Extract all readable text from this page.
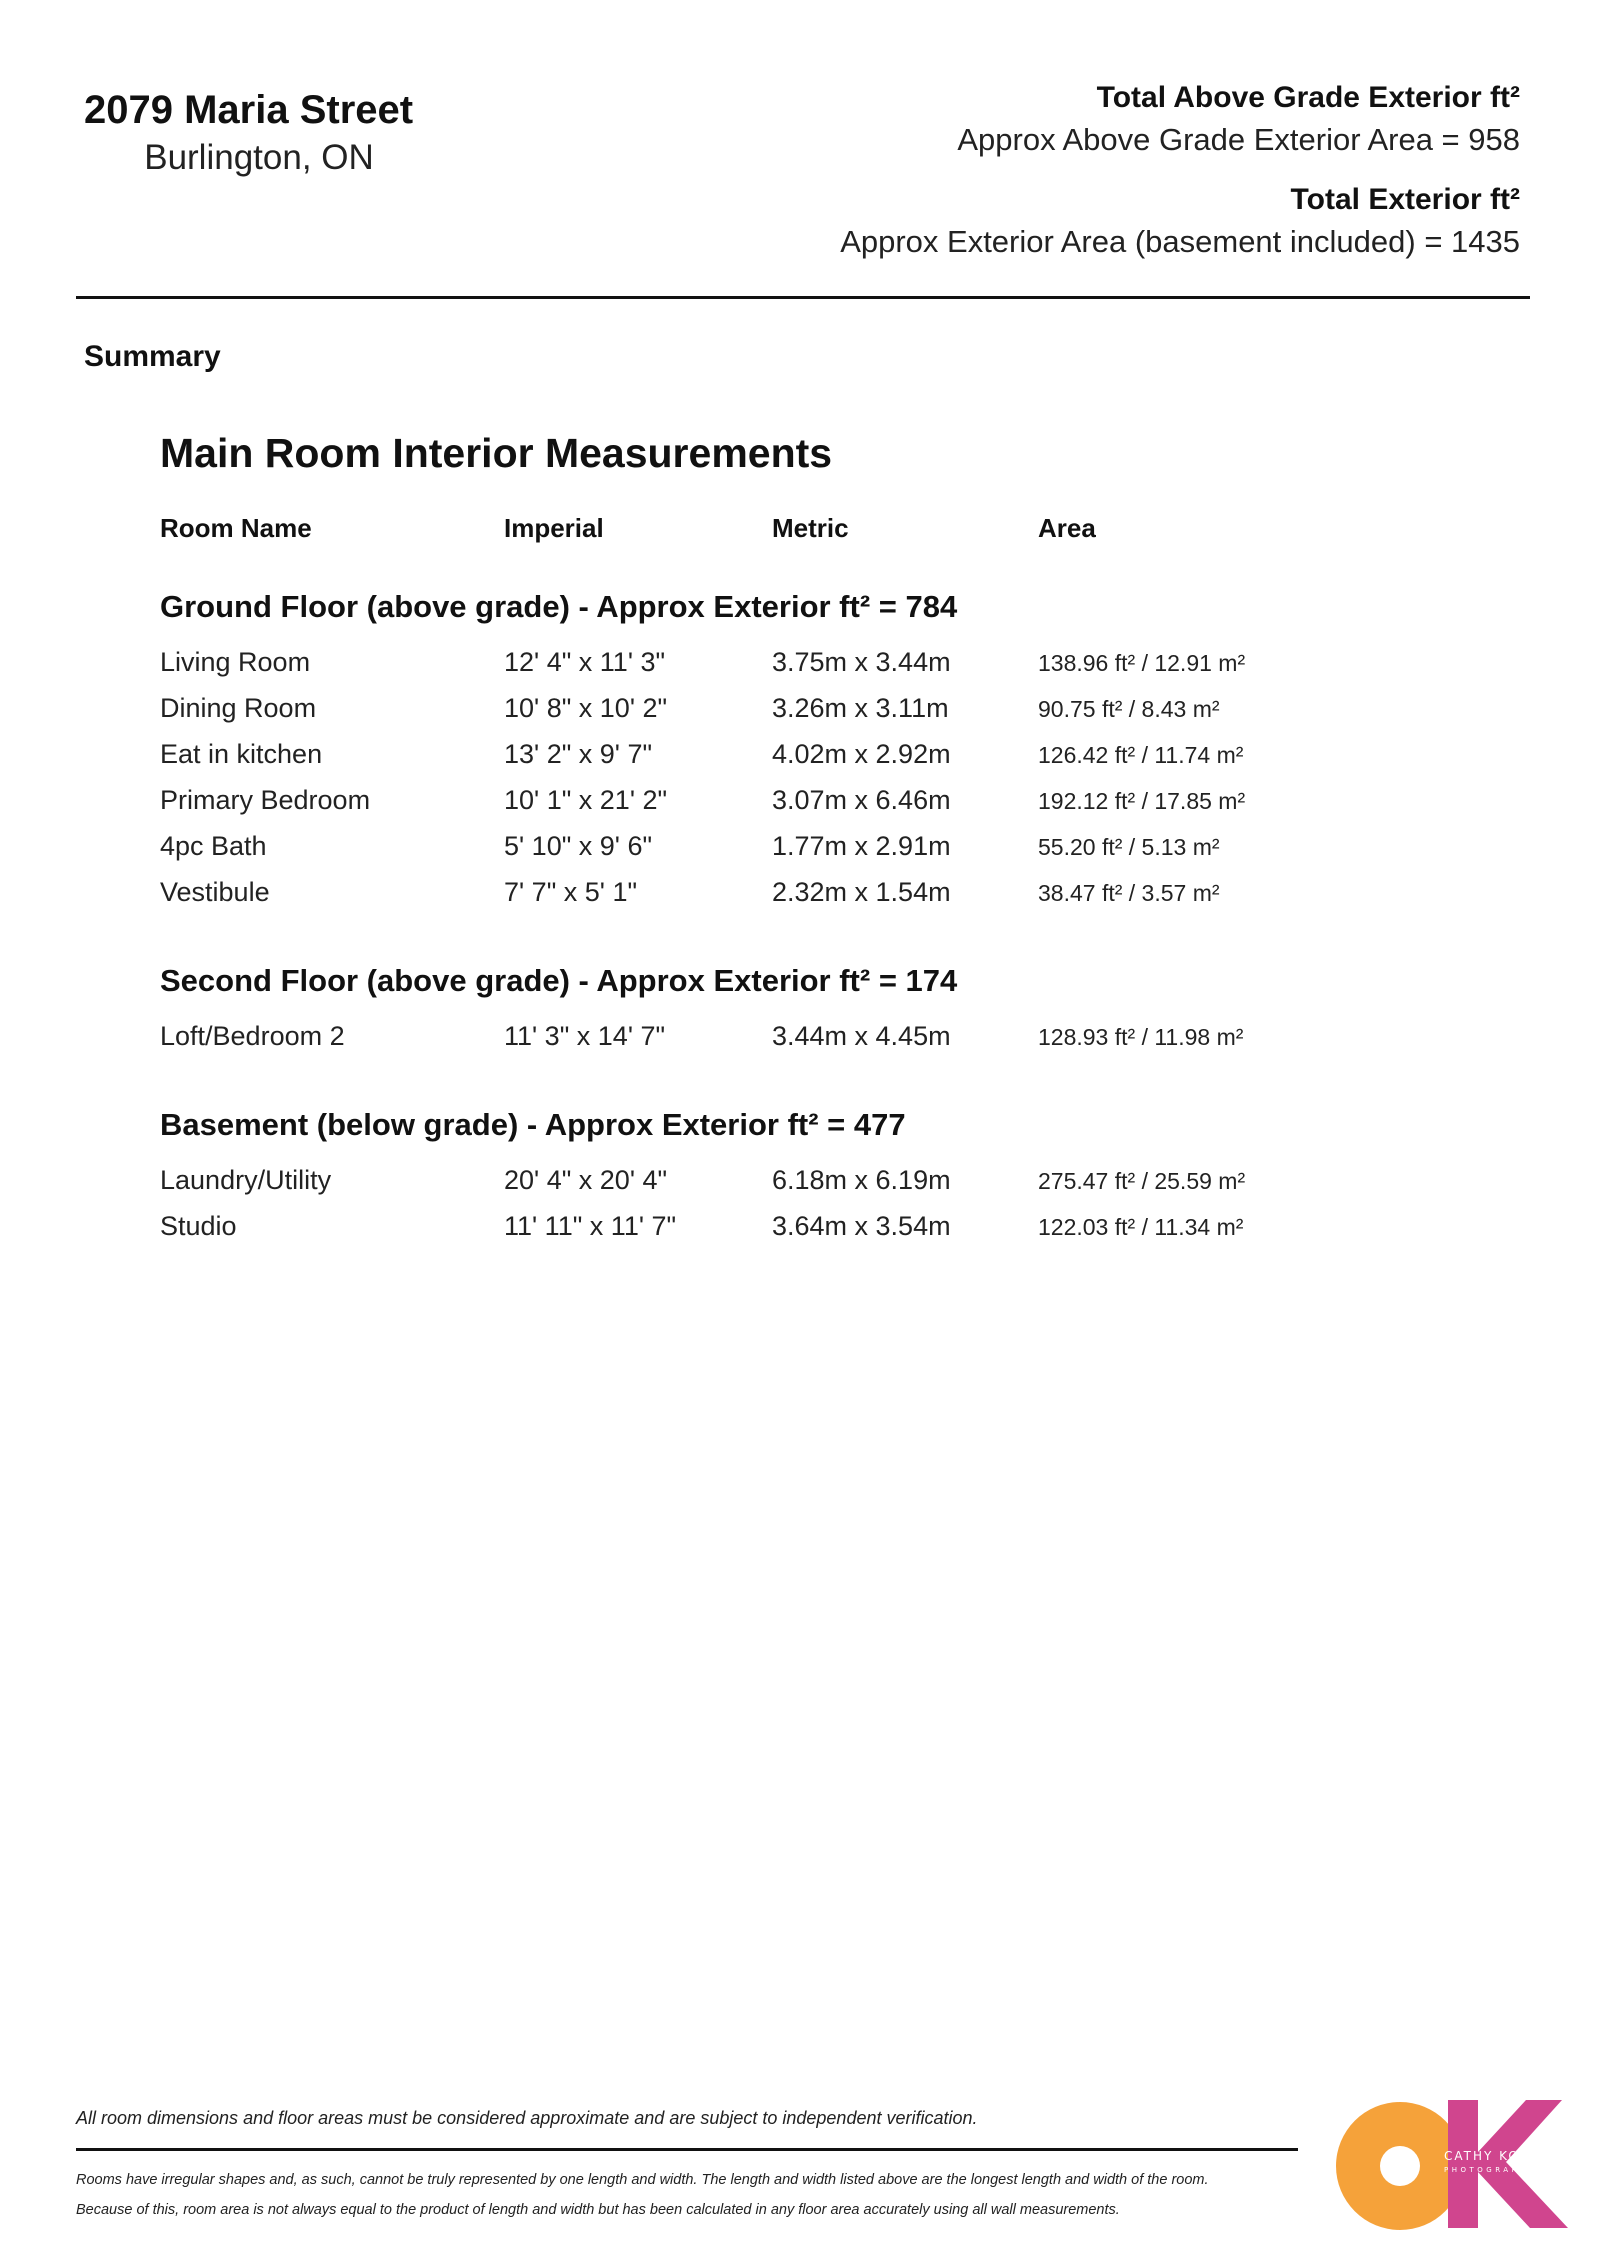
2079 Maria Street
Burlington, ON
Total Above Grade Exterior ft²
Approx Above Grade Exterior Area = 958
Total Exterior ft²
Approx Exterior Area (basement included) = 1435
Summary
Main Room Interior Measurements
Room Name	Imperial	Metric	Area
Ground Floor (above grade) - Approx Exterior ft² = 784
Living Room	12' 4" x 11' 3"	3.75m x 3.44m	138.96 ft² / 12.91 m²
Dining Room	10' 8" x 10' 2"	3.26m x 3.11m	90.75 ft² / 8.43 m²
Eat in kitchen	13' 2" x 9' 7"	4.02m x 2.92m	126.42 ft² / 11.74 m²
Primary Bedroom	10' 1" x 21' 2"	3.07m x 6.46m	192.12 ft² / 17.85 m²
4pc Bath	5' 10" x 9' 6"	1.77m x 2.91m	55.20 ft² / 5.13 m²
Vestibule	7' 7" x 5' 1"	2.32m x 1.54m	38.47 ft² / 3.57 m²
Second Floor (above grade) - Approx Exterior ft² = 174
Loft/Bedroom 2	11' 3" x 14' 7"	3.44m x 4.45m	128.93 ft² / 11.98 m²
Basement (below grade) - Approx Exterior ft² = 477
Laundry/Utility	20' 4" x 20' 4"	6.18m x 6.19m	275.47 ft² / 25.59 m²
Studio	11' 11" x 11' 7"	3.64m x 3.54m	122.03 ft² / 11.34 m²
All room dimensions and floor areas must be considered approximate and are subject to independent verification.
Rooms have irregular shapes and, as such, cannot be truly represented by one length and width. The length and width listed above are the longest length and width of the room.
Because of this, room area is not always equal to the product of length and width but has been calculated in any floor area accurately using all wall measurements.
CATHY KOOP
PHOTOGRAPHY
